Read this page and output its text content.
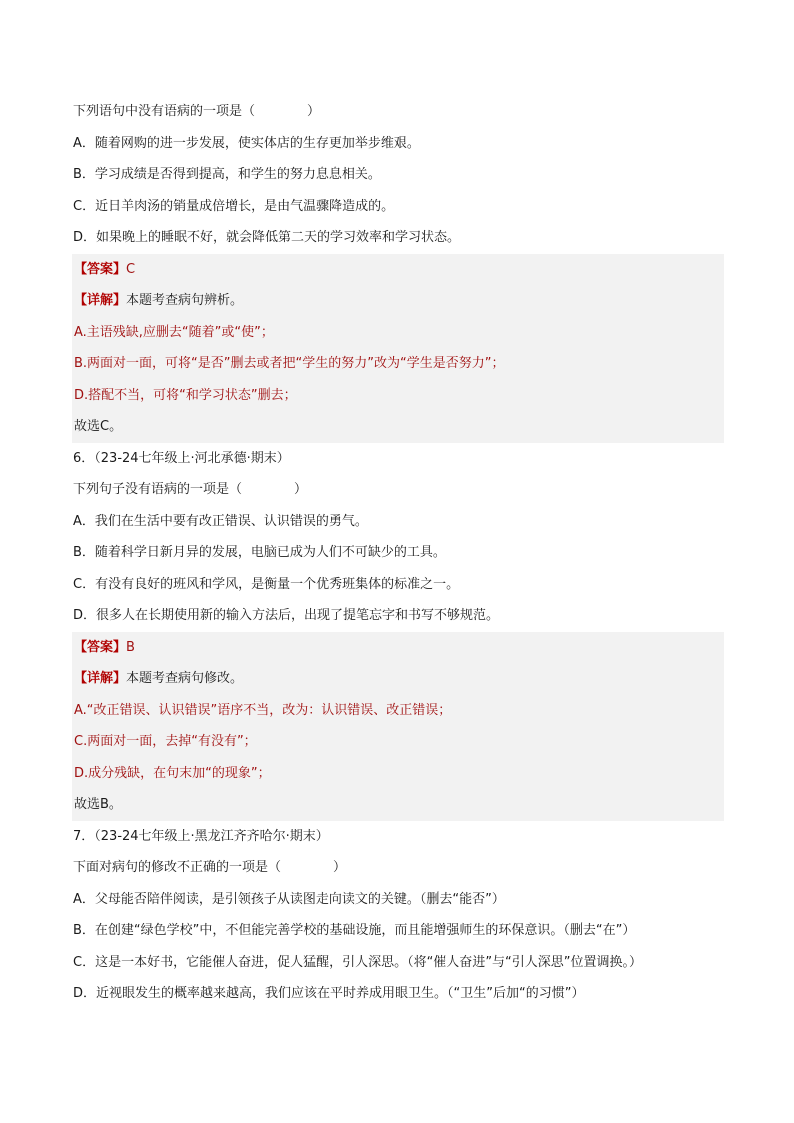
下列语句中没有语病的一项是（　　　　）
A．随着网购的进一步发展，使实体店的生存更加举步维艰。
B．学习成绩是否得到提高，和学生的努力息息相关。
C．近日羊肉汤的销量成倍增长，是由气温骤降造成的。
D．如果晚上的睡眠不好，就会降低第二天的学习效率和学习状态。
【答案】C
【详解】本题考查病句辨析。
A.主语残缺,应删去“随着”或“使”；
B.两面对一面，可将“是否”删去或者把“学生的努力”改为“学生是否努力”；
D.搭配不当，可将“和学习状态”删去；
故选C。
6．（23-24七年级上·河北承德·期末）
下列句子没有语病的一项是（　　　　）
A．我们在生活中要有改正错误、认识错误的勇气。
B．随着科学日新月异的发展，电脑已成为人们不可缺少的工具。
C．有没有良好的班风和学风，是衡量一个优秀班集体的标准之一。
D．很多人在长期使用新的输入方法后，出现了提笔忘字和书写不够规范。
【答案】B
【详解】本题考查病句修改。
A.“改正错误、认识错误”语序不当，改为：认识错误、改正错误；
C.两面对一面，去掉“有没有”；
D.成分残缺，在句末加“的现象”；
故选B。
7．（23-24七年级上·黑龙江齐齐哈尔·期末）
下面对病句的修改不正确的一项是（　　　　）
A．父母能否陪伴阅读，是引领孩子从读图走向读文的关键。（删去“能否”）
B．在创建“绿色学校”中，不但能完善学校的基础设施，而且能增强师生的环保意识。（删去“在”）
C．这是一本好书，它能催人奋进，促人猛醒，引人深思。（将“催人奋进”与“引人深思”位置调换。）
D．近视眼发生的概率越来越高，我们应该在平时养成用眼卫生。（“卫生”后加“的习惯”）
